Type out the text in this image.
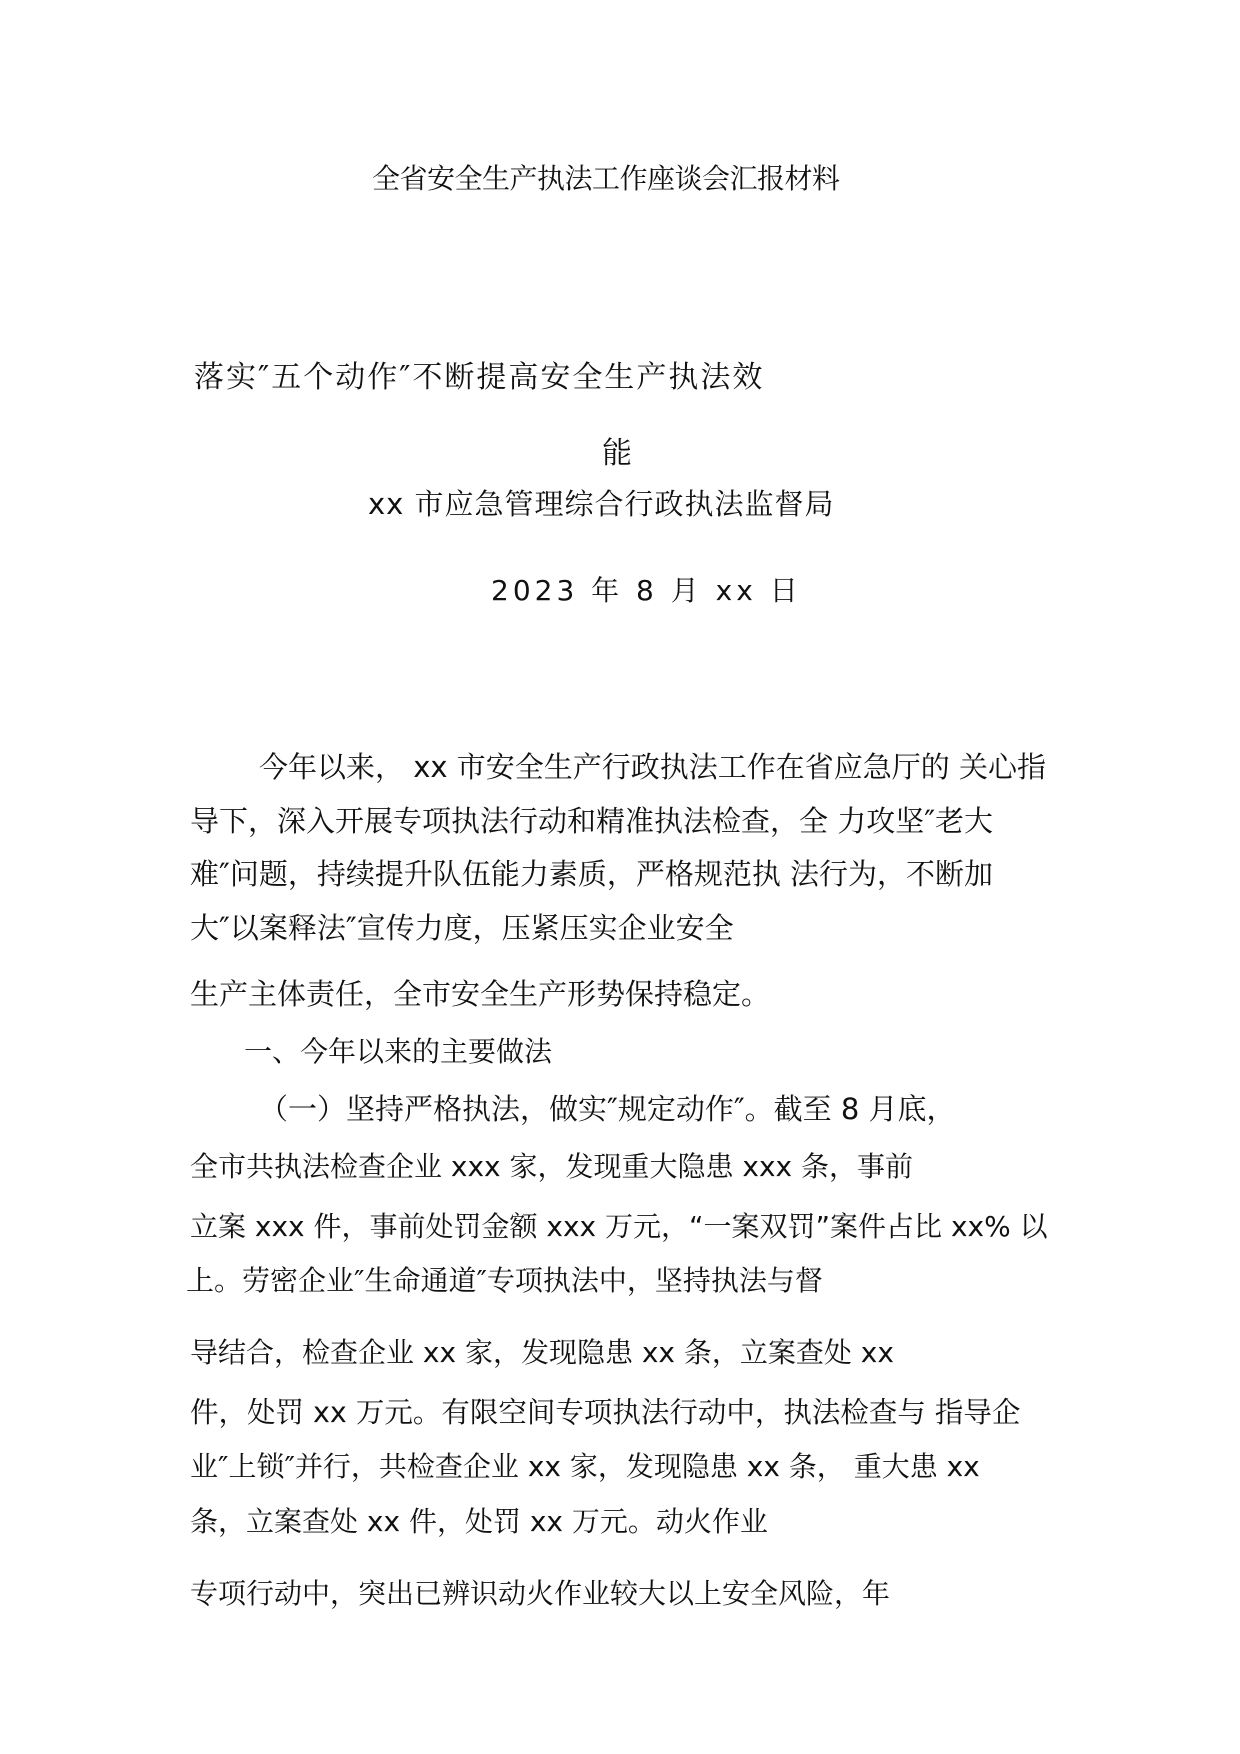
全省安全生产执法工作座谈会汇报材料

落实″五个动作″不断提高安全生产执法效

能

xx 市应急管理综合行政执法监督局

2023 年 8 月 xx 日

今年以来， xx 市安全生产行政执法工作在省应急厅的 关心指

导下，深入开展专项执法行动和精准执法检查，全 力攻坚″老大

难″问题，持续提升队伍能力素质，严格规范执 法行为，不断加

大″以案释法″宣传力度，压紧压实企业安全

生产主体责任，全市安全生产形势保持稳定。

一、今年以来的主要做法

（一）坚持严格执法，做实″规定动作″。截至 8 月底，

全市共执法检查企业 xxx 家，发现重大隐患 xxx 条，事前

立案 xxx 件，事前处罚金额 xxx 万元，“一案双罚”案件占比 xx% 以

上。劳密企业″生命通道″专项执法中，坚持执法与督

导结合，检查企业 xx 家，发现隐患 xx 条，立案查处 xx

件，处罚 xx 万元。有限空间专项执法行动中，执法检查与 指导企

业″上锁″并行，共检查企业 xx 家，发现隐患 xx 条， 重大患 xx

条，立案查处 xx 件，处罚 xx 万元。动火作业

专项行动中，突出已辨识动火作业较大以上安全风险，年
